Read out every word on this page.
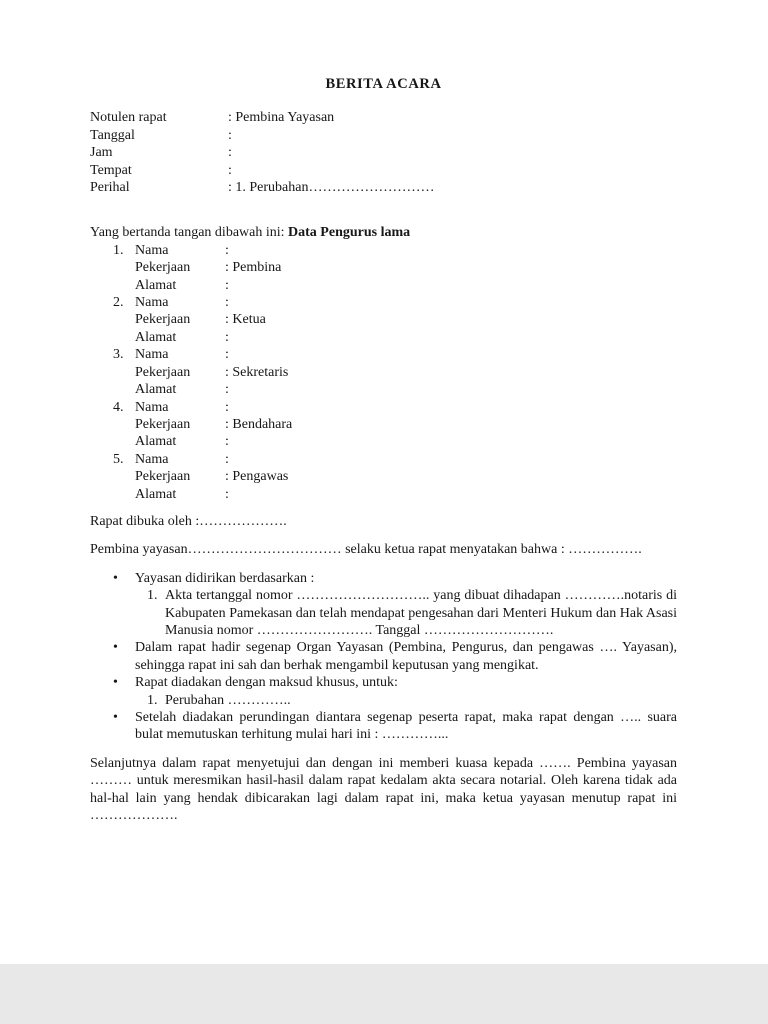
BERITA ACARA
Notulen rapat	: Pembina Yayasan
Tanggal	:
Jam	:
Tempat	:
Perihal	: 1. Perubahan………………………
Yang bertanda tangan dibawah ini: Data Pengurus lama
1. Nama	:
Pekerjaan	: Pembina
Alamat	:
2. Nama	:
Pekerjaan	: Ketua
Alamat	:
3. Nama	:
Pekerjaan	: Sekretaris
Alamat	:
4. Nama	:
Pekerjaan	: Bendahara
Alamat	:
5. Nama	:
Pekerjaan	: Pengawas
Alamat	:
Rapat dibuka oleh :……………….
Pembina yayasan…………………………… selaku ketua rapat menyatakan bahwa : …………….
•	Yayasan didirikan berdasarkan :
1. Akta tertanggal nomor ……………………….. yang dibuat dihadapan ………….notaris di Kabupaten Pamekasan dan telah mendapat pengesahan dari Menteri Hukum dan Hak Asasi Manusia nomor ……………………. Tanggal ……………………….
•	Dalam rapat hadir segenap Organ Yayasan (Pembina, Pengurus, dan pengawas …. Yayasan), sehingga rapat ini sah dan berhak mengambil keputusan yang mengikat.
•	Rapat diadakan dengan maksud khusus, untuk:
1. Perubahan …………..
•	Setelah diadakan perundingan diantara segenap peserta rapat, maka rapat dengan ….. suara bulat memutuskan terhitung mulai hari ini : …………...
Selanjutnya dalam rapat menyetujui dan dengan ini memberi kuasa kepada ……. Pembina yayasan ……… untuk meresmikan hasil-hasil dalam rapat kedalam akta secara notarial. Oleh karena tidak ada hal-hal lain yang hendak dibicarakan lagi dalam rapat ini, maka ketua yayasan menutup rapat ini ……………….
